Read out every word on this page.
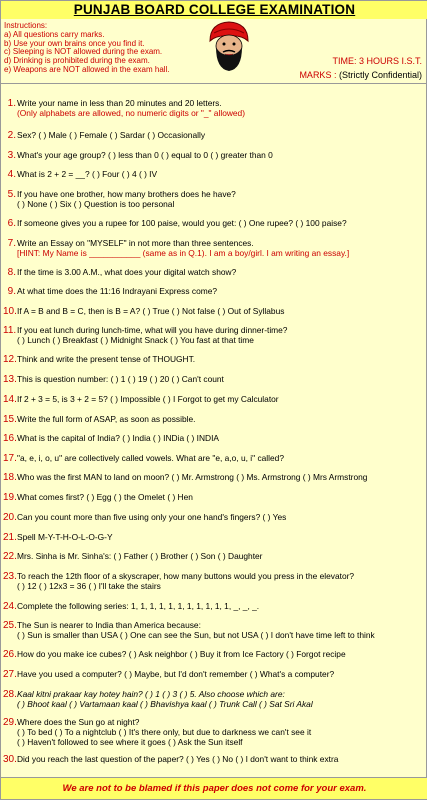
PUNJAB BOARD COLLEGE EXAMINATION
Instructions:
a) All questions carry marks.
b) Use your own brains once you find it.
c) Sleeping is NOT allowed during the exam.
d) Drinking is prohibited during the exam.
e) Weapons are NOT allowed in the exam hall.
TIME: 3 HOURS I.S.T.
MARKS : (Strictly Confidential)
1. Write your name in less than 20 minutes and 20 letters.
(Only alphabets are allowed, no numeric digits or "_" allowed)
2. Sex? ( ) Male ( ) Female ( ) Sardar ( ) Occasionally
3. What's your age group? ( ) less than 0 ( ) equal to 0 ( ) greater than 0
4. What is 2 + 2 = __? ( ) Four ( ) 4 ( ) IV
5. If you have one brother, how many brothers does he have?
( ) None ( ) Six ( ) Question is too personal
6. If someone gives you a rupee for 100 paise, would you get: ( ) One rupee? ( ) 100 paise?
7. Write an Essay on "MYSELF" in not more than three sentences.
[HINT: My Name is ___________ (same as in Q.1). I am a boy/girl. I am writing an essay.]
8. If the time is 3.00 A.M., what does your digital watch show?
9. At what time does the 11:16 Indrayani Express come?
10. If A = B and B = C, then is B = A? ( ) True ( ) Not false ( ) Out of Syllabus
11. If you eat lunch during lunch-time, what will you have during dinner-time?
( ) Lunch ( ) Breakfast ( ) Midnight Snack ( ) You fast at that time
12. Think and write the present tense of THOUGHT.
13. This is question number: ( ) 1 ( ) 19 ( ) 20 ( ) Can't count
14. If 2 + 3 = 5, is 3 + 2 = 5? ( ) Impossible ( ) I Forgot to get my Calculator
15. Write the full form of ASAP, as soon as possible.
16. What is the capital of India? ( ) India ( ) INDia ( ) INDIA
17. "a, e, i, o, u" are collectively called vowels. What are "e, a,o, u, i" called?
18. Who was the first MAN to land on moon? ( ) Mr. Armstrong ( ) Ms. Armstrong ( ) Mrs Armstrong
19. What comes first? ( ) Egg ( ) the Omelet ( ) Hen
20. Can you count more than five using only your one hand's fingers? ( ) Yes
21. Spell M-Y-T-H-O-L-O-G-Y
22. Mrs. Sinha is Mr. Sinha's: ( ) Father ( ) Brother ( ) Son ( ) Daughter
23. To reach the 12th floor of a skyscraper, how many buttons would you press in the elevator?
( ) 12 ( ) 12x3 = 36 ( ) I'll take the stairs
24. Complete the following series: 1, 1, 1, 1, 1, 1, 1, 1, 1, 1, 1, _, _, _.
25. The Sun is nearer to India than America because:
( ) Sun is smaller than USA ( ) One can see the Sun, but not USA ( ) I don't have time left to think
26. How do you make ice cubes? ( ) Ask neighbor ( ) Buy it from Ice Factory ( ) Forgot recipe
27. Have you used a computer? ( ) Maybe, but I'd don't remember ( ) What's a computer?
28. Kaal kitni prakaar kay hotey hain? ( ) 1 ( ) 3 ( ) 5. Also choose which are:
( ) Bhoot kaal ( ) Vartamaan kaal ( ) Bhavishya kaal ( ) Trunk Call ( ) Sat Sri Akal
29. Where does the Sun go at night?
( ) To bed ( ) To a nightclub ( ) It's there only, but due to darkness we can't see it
( ) Haven't followed to see where it goes ( ) Ask the Sun itself
30. Did you reach the last question of the paper? ( ) Yes ( ) No ( ) I don't want to think extra
We are not to be blamed if this paper does not come for your exam.
